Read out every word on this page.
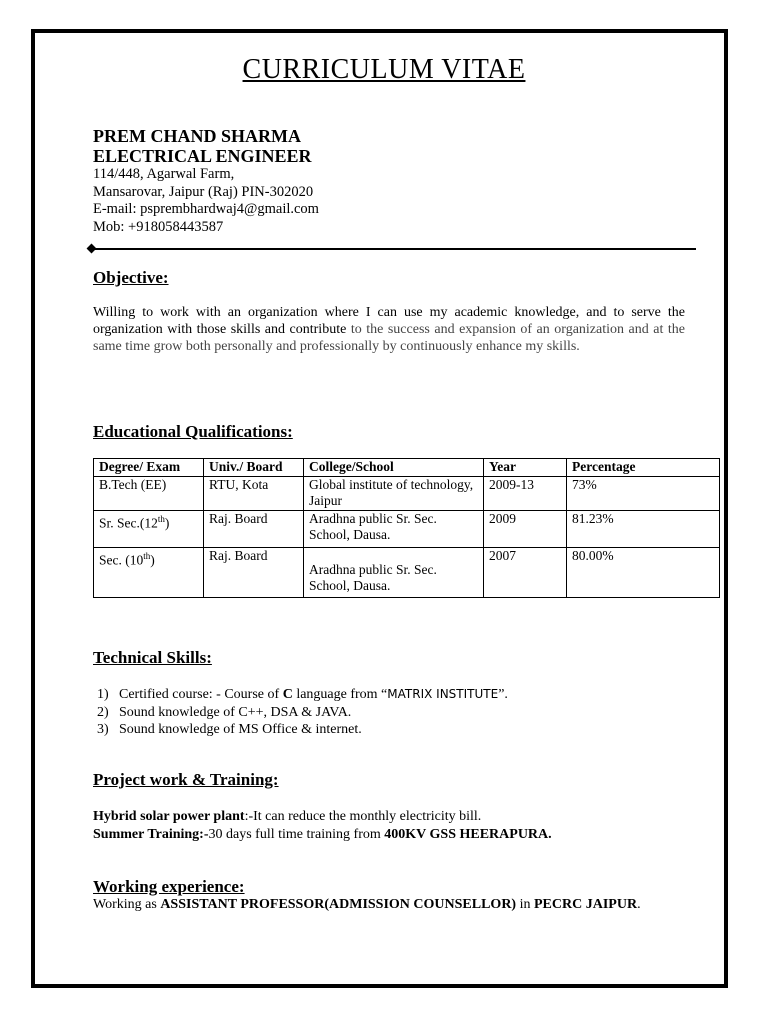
CURRICULUM VITAE
PREM CHAND SHARMA
ELECTRICAL ENGINEER
114/448, Agarwal Farm,
Mansarovar, Jaipur (Raj) PIN-302020
E-mail: psprembhardwaj4@gmail.com
Mob: +918058443587
Objective:
Willing to work with an organization where I can use my academic knowledge, and to serve the organization with those skills and contribute to the success and expansion of an organization and at the same time grow both personally and professionally by continuously enhance my skills.
Educational Qualifications:
Degree/ Exam	Univ./ Board	College/School	Year	Percentage
B.Tech (EE)	RTU, Kota	Global institute of technology, Jaipur	2009-13	73%
Sr. Sec.(12th)	Raj. Board	Aradhna public Sr. Sec. School, Dausa.	2009	81.23%
Sec. (10th)	Raj. Board	Aradhna public Sr. Sec. School, Dausa.	2007	80.00%
Technical Skills:
1) Certified course: - Course of C language from “MATRIX INSTITUTE”.
2) Sound knowledge of C++, DSA & JAVA.
3) Sound knowledge of MS Office & internet.
Project work & Training:
Hybrid solar power plant:-It can reduce the monthly electricity bill.
Summer Training:-30 days full time training from 400KV GSS HEERAPURA.
Working experience:
Working as ASSISTANT PROFESSOR(ADMISSION COUNSELLOR) in PECRC JAIPUR.
